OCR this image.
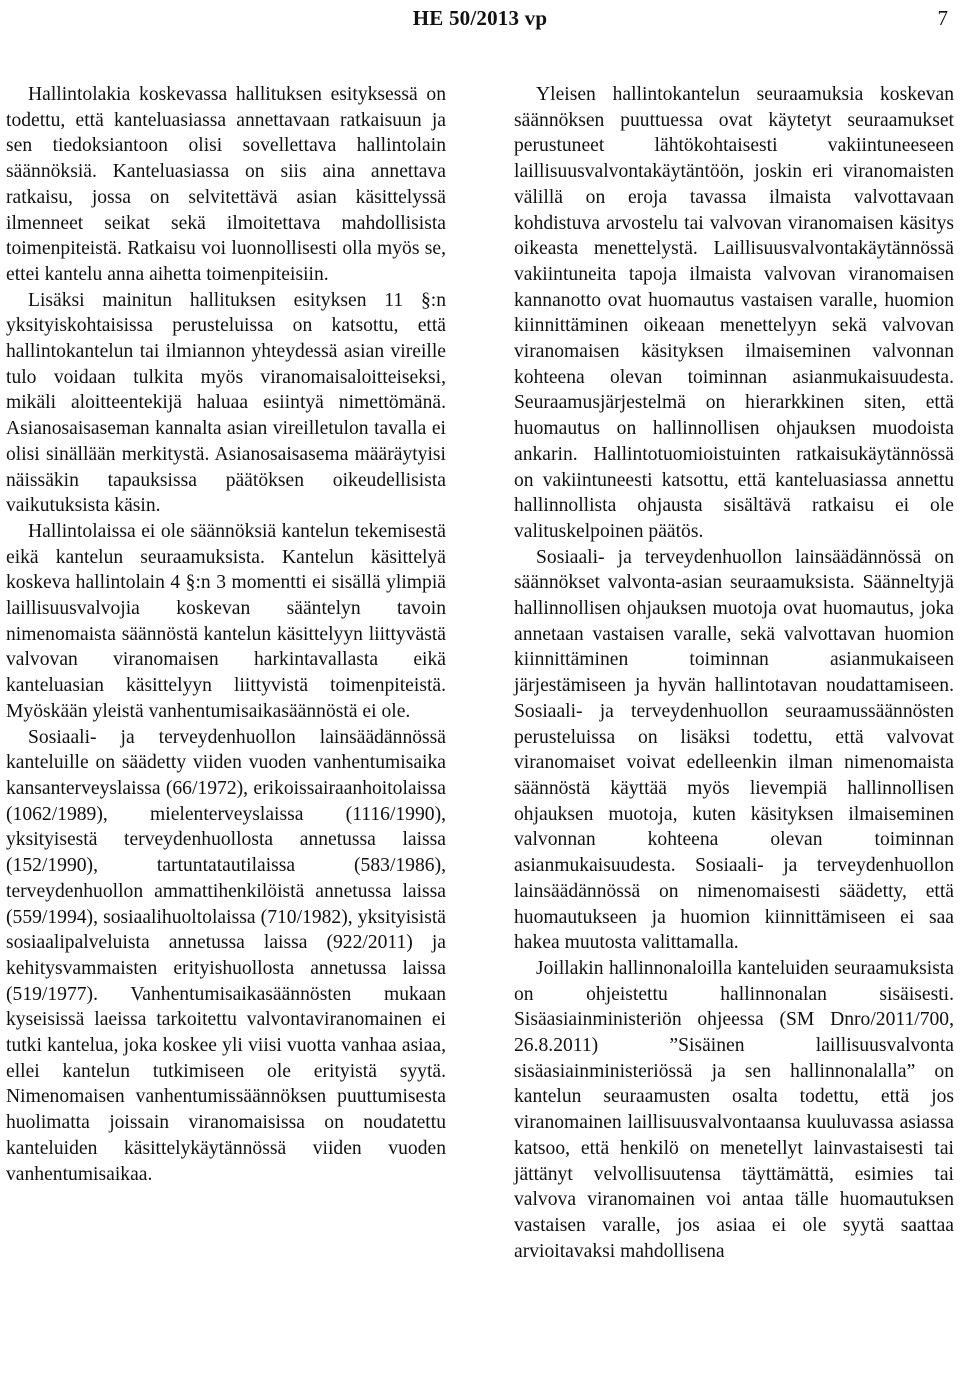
HE 50/2013 vp	7

Hallintolakia koskevassa hallituksen esityksessä on todettu, että kanteluasiassa annettavaan ratkaisuun ja sen tiedoksiantoon olisi sovellettava hallintolain säännöksiä. Kanteluasiassa on siis aina annettava ratkaisu, jossa on selvitettävä asian käsittelyssä ilmenneet seikat sekä ilmoitettava mahdollisista toimenpiteistä. Ratkaisu voi luonnollisesti olla myös se, ettei kantelu anna aihetta toimenpiteisiin.

Lisäksi mainitun hallituksen esityksen 11 §:n yksityiskohtaisissa perusteluissa on katsottu, että hallintokantelun tai ilmiannon yhteydessä asian vireille tulo voidaan tulkita myös viranomaisaloitteiseksi, mikäli aloitteentekijä haluaa esiintyä nimettömänä. Asianosaisaseman kannalta asian vireilletulon tavalla ei olisi sinällään merkitystä. Asianosaisasema määräytyisi näissäkin tapauksissa päätöksen oikeudellisista vaikutuksista käsin.

Hallintolaissa ei ole säännöksiä kantelun tekemisestä eikä kantelun seuraamuksista. Kantelun käsittelyä koskeva hallintolain 4 §:n 3 momentti ei sisällä ylimpiä laillisuusvalvojia koskevan sääntelyn tavoin nimenomaista säännöstä kantelun käsittelyyn liittyvästä valvovan viranomaisen harkintavallasta eikä kanteluasian käsittelyyn liittyvistä toimenpiteistä. Myöskään yleistä vanhentumisaikasäännöstä ei ole.

Sosiaali- ja terveydenhuollon lainsäädännössä kanteluille on säädetty viiden vuoden vanhentumisaika kansanterveyslaissa (66/1972), erikoissairaanhoitolaissa (1062/1989), mielenterveyslaissa (1116/1990), yksityisestä terveydenhuollosta annetussa laissa (152/1990), tartuntatautilaissa (583/1986), terveydenhuollon ammattihenkilöistä annetussa laissa (559/1994), sosiaalihuoltolaissa (710/1982), yksityisistä sosiaalipalveluista annetussa laissa (922/2011) ja kehitysvammaisten erityishuollosta annetussa laissa (519/1977). Vanhentumisaikasäännösten mukaan kyseisissä laeissa tarkoitettu valvontaviranomainen ei tutki kantelua, joka koskee yli viisi vuotta vanhaa asiaa, ellei kantelun tutkimiseen ole erityistä syytä. Nimenomaisen vanhentumissäännöksen puuttumisesta huolimatta joissain viranomaisissa on noudatettu kanteluiden käsittelykäytännössä viiden vuoden vanhentumisaikaa.

Yleisen hallintokantelun seuraamuksia koskevan säännöksen puuttuessa ovat käytetyt seuraamukset perustuneet lähtökohtaisesti vakiintuneeseen laillisuusvalvontakäytäntöön, joskin eri viranomaisten välillä on eroja tavassa ilmaista valvottavaan kohdistuva arvostelu tai valvovan viranomaisen käsitys oikeasta menettelystä. Laillisuusvalvontakäytännössä vakiintuneita tapoja ilmaista valvovan viranomaisen kannanotto ovat huomautus vastaisen varalle, huomion kiinnittäminen oikeaan menettelyyn sekä valvovan viranomaisen käsityksen ilmaiseminen valvonnan kohteena olevan toiminnan asianmukaisuudesta. Seuraamusjärjestelmä on hierarkkinen siten, että huomautus on hallinnollisen ohjauksen muodoista ankarin. Hallintotuomioistuinten ratkaisukäytännössä on vakiintuneesti katsottu, että kanteluasiassa annettu hallinnollista ohjausta sisältävä ratkaisu ei ole valituskelpoinen päätös.

Sosiaali- ja terveydenhuollon lainsäädännössä on säännökset valvonta-asian seuraamuksista. Säänneltyjä hallinnollisen ohjauksen muotoja ovat huomautus, joka annetaan vastaisen varalle, sekä valvottavan huomion kiinnittäminen toiminnan asianmukaiseen järjestämiseen ja hyvän hallintotavan noudattamiseen. Sosiaali- ja terveydenhuollon seuraamussäännösten perusteluissa on lisäksi todettu, että valvovat viranomaiset voivat edelleenkin ilman nimenomaista säännöstä käyttää myös lievempiä hallinnollisen ohjauksen muotoja, kuten käsityksen ilmaiseminen valvonnan kohteena olevan toiminnan asianmukaisuudesta. Sosiaali- ja terveydenhuollon lainsäädännössä on nimenomaisesti säädetty, että huomautukseen ja huomion kiinnittämiseen ei saa hakea muutosta valittamalla.

Joillakin hallinnonaloilla kanteluiden seuraamuksista on ohjeistettu hallinnonalan sisäisesti. Sisäasiainministeriön ohjeessa (SM Dnro/2011/700, 26.8.2011) ”Sisäinen laillisuusvalvonta sisäasiainministeriössä ja sen hallinnonalalla” on kantelun seuraamusten osalta todettu, että jos viranomainen laillisuusvalvontaansa kuuluvassa asiassa katsoo, että henkilö on menetellyt lainvastaisesti tai jättänyt velvollisuutensa täyttämättä, esimies tai valvova viranomainen voi antaa tälle huomautuksen vastaisen varalle, jos asiaa ei ole syytä saattaa arvioitavaksi mahdollisena
